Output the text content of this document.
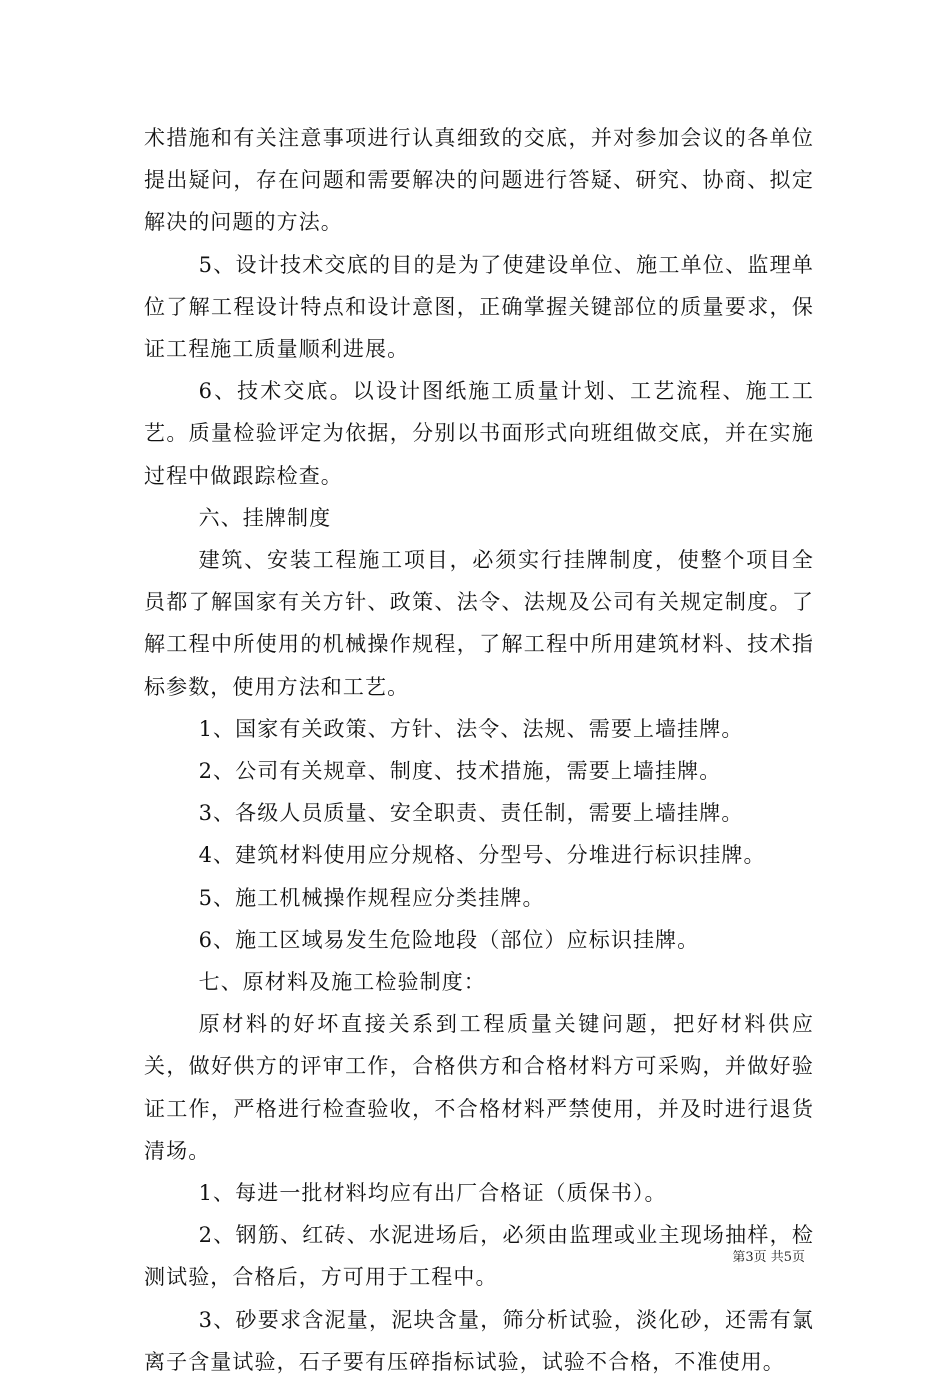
术措施和有关注意事项进行认真细致的交底，并对参加会议的各单位提出疑问，存在问题和需要解决的问题进行答疑、研究、协商、拟定解决的问题的方法。

5、设计技术交底的目的是为了使建设单位、施工单位、监理单位了解工程设计特点和设计意图，正确掌握关键部位的质量要求，保证工程施工质量顺利进展。

6、技术交底。以设计图纸施工质量计划、工艺流程、施工工艺。质量检验评定为依据，分别以书面形式向班组做交底，并在实施过程中做跟踪检查。

六、挂牌制度

建筑、安装工程施工项目，必须实行挂牌制度，使整个项目全员都了解国家有关方针、政策、法令、法规及公司有关规定制度。了解工程中所使用的机械操作规程，了解工程中所用建筑材料、技术指标参数，使用方法和工艺。

1、国家有关政策、方针、法令、法规、需要上墙挂牌。

2、公司有关规章、制度、技术措施，需要上墙挂牌。

3、各级人员质量、安全职责、责任制，需要上墙挂牌。

4、建筑材料使用应分规格、分型号、分堆进行标识挂牌。

5、施工机械操作规程应分类挂牌。

6、施工区域易发生危险地段（部位）应标识挂牌。

七、原材料及施工检验制度：

原材料的好坏直接关系到工程质量关键问题，把好材料供应关，做好供方的评审工作，合格供方和合格材料方可采购，并做好验证工作，严格进行检查验收，不合格材料严禁使用，并及时进行退货清场。

1、每进一批材料均应有出厂合格证（质保书）。

2、钢筋、红砖、水泥进场后，必须由监理或业主现场抽样，检测试验，合格后，方可用于工程中。

3、砂要求含泥量，泥块含量，筛分析试验，淡化砂，还需有氯离子含量试验，石子要有压碎指标试验，试验不合格，不准使用。

第3页 共5页
